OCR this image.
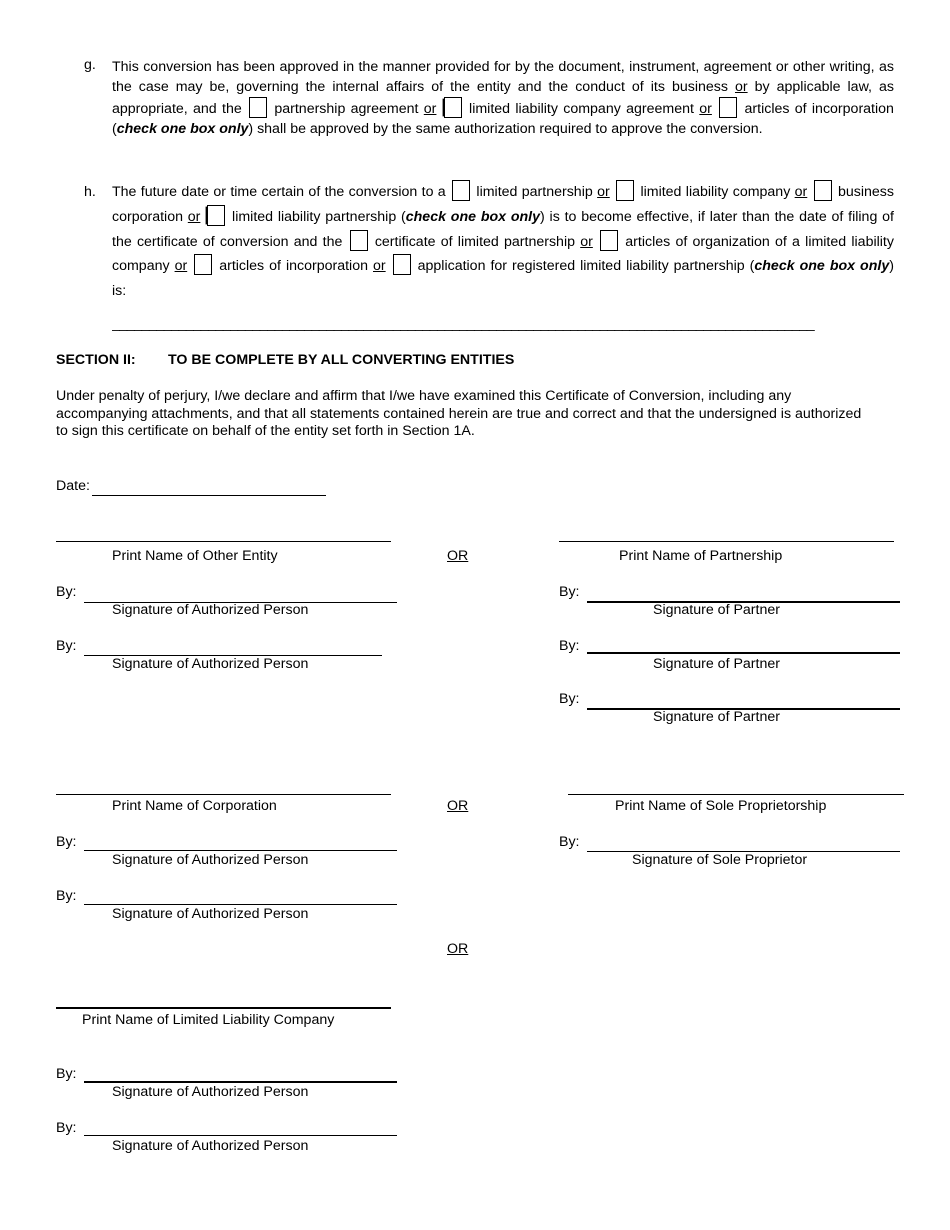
g. This conversion has been approved in the manner provided for by the document, instrument, agreement or other writing, as the case may be, governing the internal affairs of the entity and the conduct of its business or by applicable law, as appropriate, and the partnership agreement or limited liability company agreement or articles of incorporation (check one box only) shall be approved by the same authorization required to approve the conversion.
h. The future date or time certain of the conversion to a limited partnership or limited liability company or business corporation or limited liability partnership (check one box only) is to become effective, if later than the date of filing of the certificate of conversion and the certificate of limited partnership or articles of organization of a limited liability company or articles of incorporation or application for registered limited liability partnership (check one box only) is:
_______________________________________________________________________________________________
SECTION II: TO BE COMPLETE BY ALL CONVERTING ENTITIES
Under penalty of perjury, I/we declare and affirm that I/we have examined this Certificate of Conversion, including any accompanying attachments, and that all statements contained herein are true and correct and that the undersigned is authorized to sign this certificate on behalf of the entity set forth in Section 1A.
Date:
Print Name of Other Entity
By:
Signature of Authorized Person
By:
Signature of Authorized Person
OR	Print Name of Partnership
By:
Signature of Partner
By:
Signature of Partner
By:
Signature of Partner
Print Name of Corporation
By:
Signature of Authorized Person
By:
Signature of Authorized Person
OR	Print Name of Sole Proprietorship
By:
Signature of Sole Proprietor
OR
Print Name of Limited Liability Company
By:
Signature of Authorized Person
By:
Signature of Authorized Person
